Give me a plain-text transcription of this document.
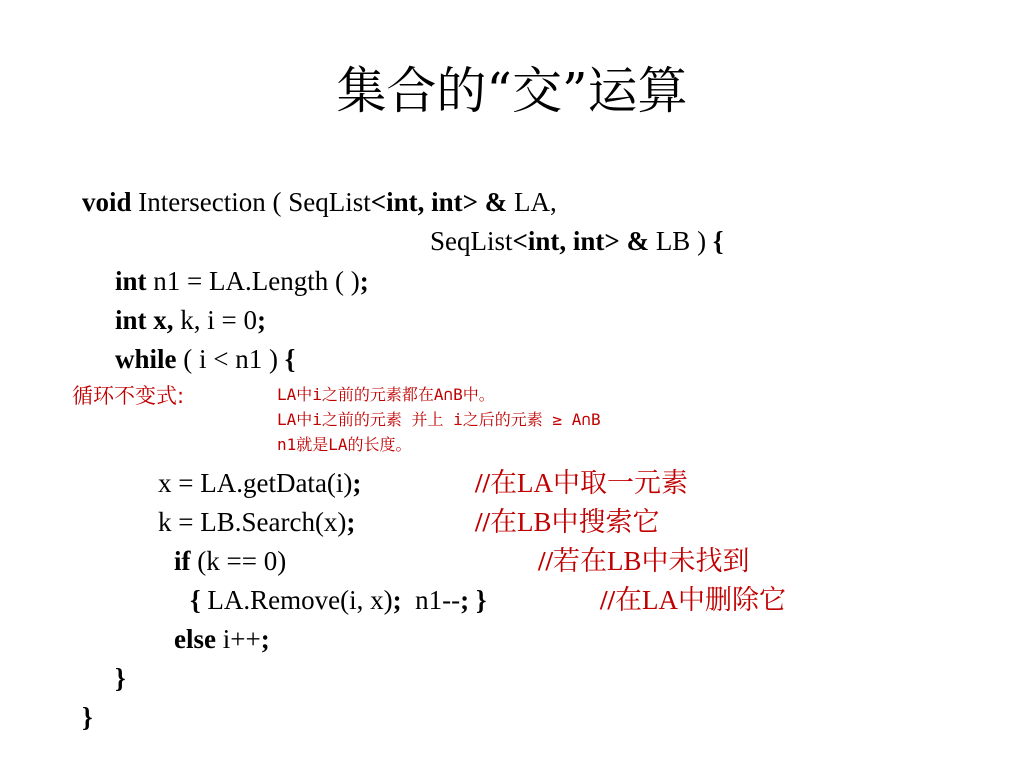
集合的“交”运算
void Intersection ( SeqList<int, int> & LA,
SeqList<int, int> & LB ) {
int n1 = LA.Length ( );
int x, k, i = 0;
while ( i < n1 ) {
循环不变式:	LA中i之前的元素都在A∩B中。
LA中i之前的元素 并上 i之后的元素 ≥ A∩B
n1就是LA的长度。
x = LA.getData(i);	//在LA中取一元素
k = LB.Search(x);	//在LB中搜索它
if (k == 0)	//若在LB中未找到
{ LA.Remove(i, x);  n1--; }	//在LA中删除它
else i++;
}
}
